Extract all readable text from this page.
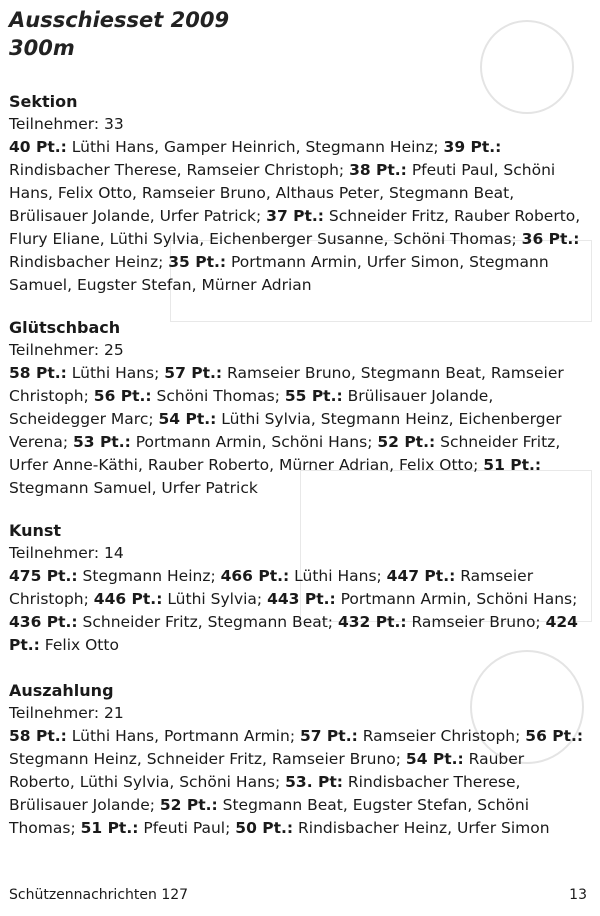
Ausschiesset 2009
300m
Sektion
Teilnehmer: 33
40 Pt.: Lüthi Hans, Gamper Heinrich, Stegmann Heinz; 39 Pt.: Rindisbacher Therese, Ramseier Christoph; 38 Pt.: Pfeuti Paul, Schöni Hans, Felix Otto, Ramseier Bruno, Althaus Peter, Stegmann Beat, Brülisauer Jolande, Urfer Patrick; 37 Pt.: Schneider Fritz, Rauber Roberto, Flury Eliane, Lüthi Sylvia, Eichenberger Susanne, Schöni Thomas; 36 Pt.: Rindisbacher Heinz; 35 Pt.: Portmann Armin, Urfer Simon, Stegmann Samuel, Eugster Stefan, Mürner Adrian
Glütschbach
Teilnehmer: 25
58 Pt.: Lüthi Hans; 57 Pt.: Ramseier Bruno, Stegmann Beat, Ramseier Christoph; 56 Pt.: Schöni Thomas; 55 Pt.: Brülisauer Jolande, Scheidegger Marc; 54 Pt.: Lüthi Sylvia, Stegmann Heinz, Eichenberger Verena; 53 Pt.: Portmann Armin, Schöni Hans; 52 Pt.: Schneider Fritz, Urfer Anne-Käthi, Rauber Roberto, Mürner Adrian, Felix Otto; 51 Pt.: Stegmann Samuel, Urfer Patrick
Kunst
Teilnehmer: 14
475 Pt.: Stegmann Heinz; 466 Pt.: Lüthi Hans; 447 Pt.: Ramseier Christoph; 446 Pt.: Lüthi Sylvia; 443 Pt.: Portmann Armin, Schöni Hans; 436 Pt.: Schneider Fritz, Stegmann Beat; 432 Pt.: Ramseier Bruno; 424 Pt.: Felix Otto
Auszahlung
Teilnehmer: 21
58 Pt.: Lüthi Hans, Portmann Armin; 57 Pt.: Ramseier Christoph; 56 Pt.: Stegmann Heinz, Schneider Fritz, Ramseier Bruno; 54 Pt.: Rauber Roberto, Lüthi Sylvia, Schöni Hans; 53. Pt: Rindisbacher Therese, Brülisauer Jolande; 52 Pt.: Stegmann Beat, Eugster Stefan, Schöni Thomas; 51 Pt.: Pfeuti Paul; 50 Pt.: Rindisbacher Heinz, Urfer Simon
Schützennachrichten 127	13
